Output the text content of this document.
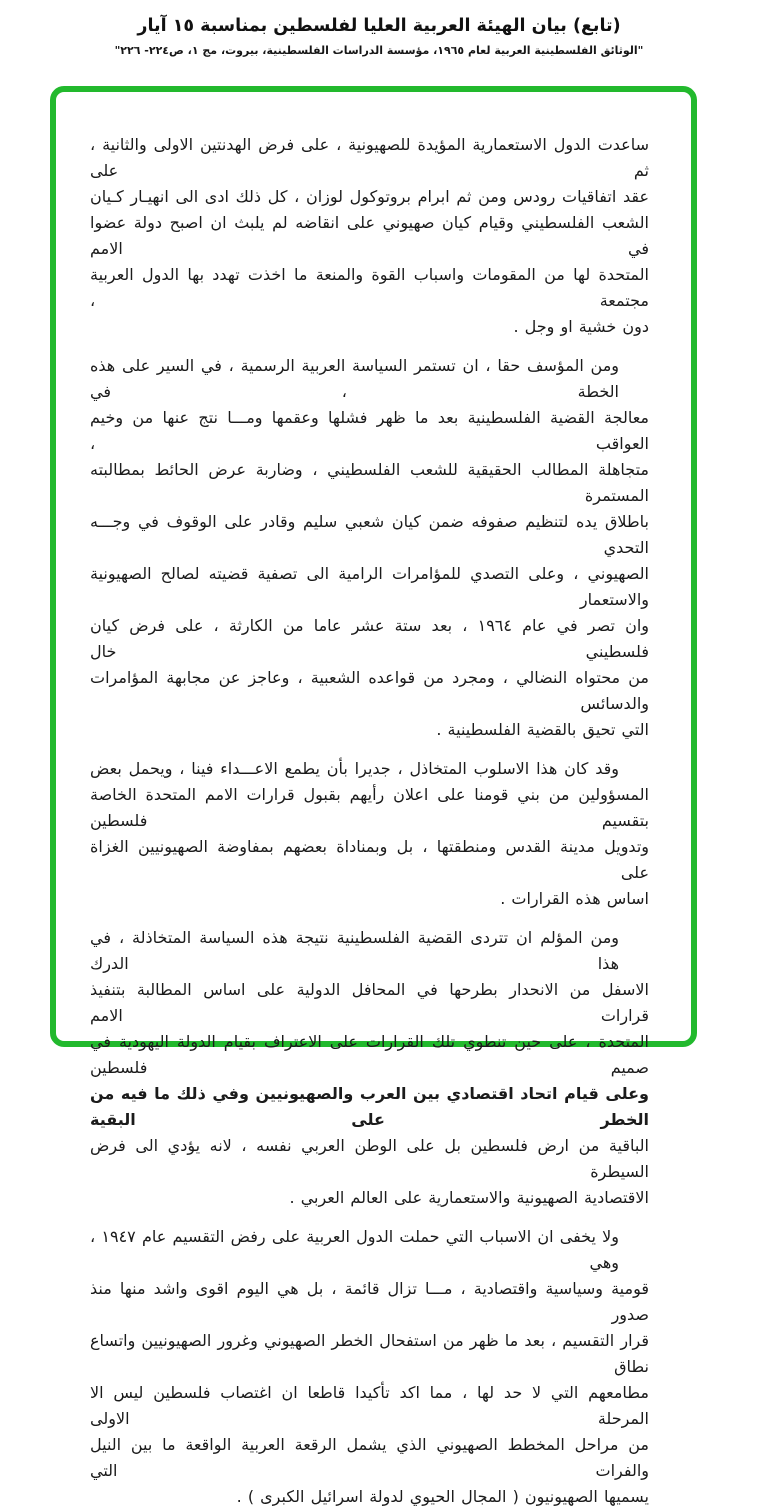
(تابع) بيان الهيئة العربية العليا لفلسطين بمناسبة ١٥ آيار
"الوثائق الفلسطينية العربية لعام ١٩٦٥، مؤسسة الدراسات الفلسطينية، بيروت، مج ١، ص٢٢٤- ٢٢٦"
ساعدت الدول الاستعمارية المؤيدة للصهيونية ، على فرض الهدنتين الاولى والثانية ، ثم على
عقد اتفاقيات رودس ومن ثم ابرام بروتوكول لوزان ، كل ذلك ادى الى انهيـار كـيان
الشعب الفلسطيني وقيام كيان صهيوني على انقاضه لم يلبث ان اصبح دولة عضوا في الامم
المتحدة لها من المقومات واسباب القوة والمنعة ما اخذت تهدد بها الدول العربية مجتمعة ،
دون خشية او وجل .
ومن المؤسف حقا ، ان تستمر السياسة العربية الرسمية ، في السير على هذه الخطة ، في
معالجة القضية الفلسطينية بعد ما ظهر فشلها وعقمها ومـــا نتج عنها من وخيم العواقب ،
متجاهلة المطالب الحقيقية للشعب الفلسطيني ، وضاربة عرض الحائط بمطالبته المستمرة
باطلاق يده لتنظيم صفوفه ضمن كيان شعبي سليم وقادر على الوقوف في وجـــه التحدي
الصهيوني ، وعلى التصدي للمؤامرات الرامية الى تصفية قضيته لصالح الصهيونية والاستعمار
وان تصر في عام ١٩٦٤ ، بعد ستة عشر عاما من الكارثة ، على فرض كيان فلسطيني خال
من محتواه النضالي ، ومجرد من قواعده الشعبية ، وعاجز عن مجابهة المؤامرات والدسائس
التي تحيق بالقضية الفلسطينية .
وقد كان هذا الاسلوب المتخاذل ، جديرا بأن يطمع الاعـــداء فينا ، ويحمل بعض
المسؤولين من بني قومنا على اعلان رأيهم بقبول قرارات الامم المتحدة الخاصة بتقسيم فلسطين
وتدويل مدينة القدس ومنطقتها ، بل وبمناداة بعضهم بمفاوضة الصهيونيين الغزاة على
اساس هذه القرارات .
ومن المؤلم ان تتردى القضية الفلسطينية نتيجة هذه السياسة المتخاذلة ، في هذا الدرك
الاسفل من الانحدار بطرحها في المحافل الدولية على اساس المطالبة بتنفيذ قرارات الامم
المتحدة ، على حين تنطوي تلك القرارات على الاعتراف بقيام الدولة اليهودية في صميم فلسطين
وعلى قيام اتحاد اقتصادي بين العرب والصهيونيين وفي ذلك ما فيه من الخطر على البقية
الباقية من ارض فلسطين بل على الوطن العربي نفسه ، لانه يؤدي الى فرض السيطرة
الاقتصادية الصهيونية والاستعمارية على العالم العربي .
ولا يخفى ان الاسباب التي حملت الدول العربية على رفض التقسيم عام ١٩٤٧ ، وهي
قومية وسياسية واقتصادية ، مـــا تزال قائمة ، بل هي اليوم اقوى واشد منها منذ صدور
قرار التقسيم ، بعد ما ظهر من استفحال الخطر الصهيوني وغرور الصهيونيين واتساع نطاق
مطامعهم التي لا حد لها ، مما اكد تأكيدا قاطعا ان اغتصاب فلسطين ليس الا المرحلة الاولى
من مراحل المخطط الصهيوني الذي يشمل الرقعة العربية الواقعة ما بين النيل والفرات التي
يسميها الصهيونيون ( المجال الحيوي لدولة اسرائيل الكبرى ) .
